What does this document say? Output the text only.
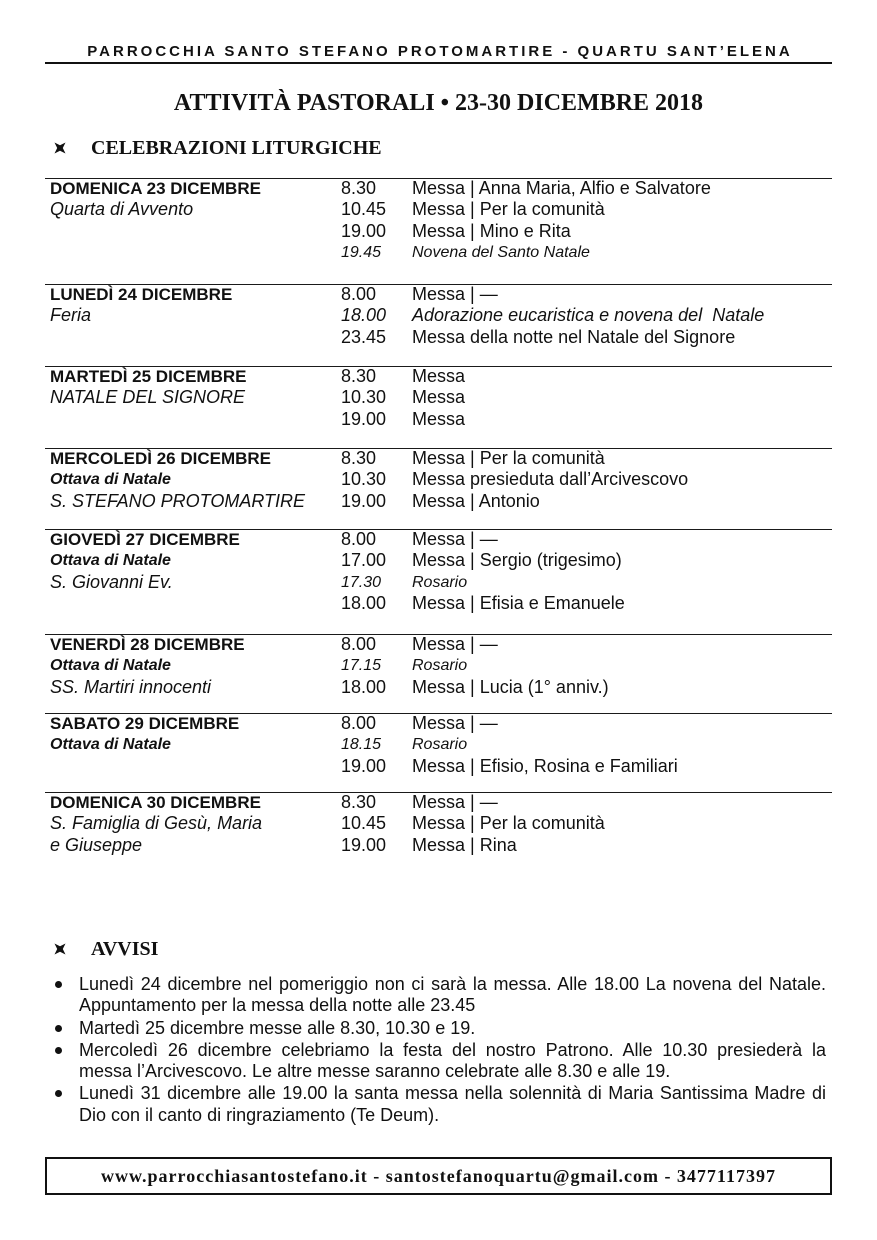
PARROCCHIA SANTO STEFANO PROTOMARTIRE - QUARTU SANT’ELENA
ATTIVITÀ PASTORALI • 23-30 DICEMBRE 2018
CELEBRAZIONI LITURGICHE
DOMENICA 23 DICEMBRE
Quarta di Avvento
8.30
10.45
19.00
19.45
Messa | Anna Maria, Alfio e Salvatore
Messa | Per la comunità
Messa | Mino e Rita
Novena del Santo Natale
LUNEDÌ 24 DICEMBRE
Feria
8.00
18.00
23.45
Messa | —
Adorazione eucaristica e novena del  Natale
Messa della notte nel Natale del Signore
MARTEDÌ 25 DICEMBRE
NATALE DEL SIGNORE
8.30
10.30
19.00
Messa
Messa
Messa
MERCOLEDÌ 26 DICEMBRE
Ottava di Natale
S. STEFANO PROTOMARTIRE
8.30
10.30
19.00
Messa | Per la comunità
Messa presieduta dall’Arcivescovo
Messa | Antonio
GIOVEDÌ 27 DICEMBRE
Ottava di Natale
S. Giovanni Ev.
8.00
17.00
17.30
18.00
Messa | —
Messa | Sergio (trigesimo)
Rosario
Messa | Efisia e Emanuele
VENERDÌ 28 DICEMBRE
Ottava di Natale
SS. Martiri innocenti
8.00
17.15
18.00
Messa | —
Rosario
Messa | Lucia (1° anniv.)
SABATO 29 DICEMBRE
Ottava di Natale
8.00
18.15
19.00
Messa | —
Rosario
Messa | Efisio, Rosina e Familiari
DOMENICA 30 DICEMBRE
S. Famiglia di Gesù, Maria
e Giuseppe
8.30
10.45
19.00
Messa | —
Messa | Per la comunità
Messa | Rina
AVVISI
Lunedì 24 dicembre nel pomeriggio non ci sarà la messa. Alle 18.00 La novena del Natale.
Appuntamento per la messa della notte alle 23.45
Martedì 25 dicembre messe alle 8.30, 10.30 e 19.
Mercoledì 26 dicembre celebriamo la festa del nostro Patrono. Alle 10.30 presiederà la
messa l’Arcivescovo. Le altre messe saranno celebrate alle 8.30 e alle 19.
Lunedì 31 dicembre alle 19.00 la santa messa nella solennità di Maria Santissima Madre di
Dio con il canto di ringraziamento (Te Deum).
www.parrocchiasantostefano.it - santostefanoquartu@gmail.com - 3477117397
